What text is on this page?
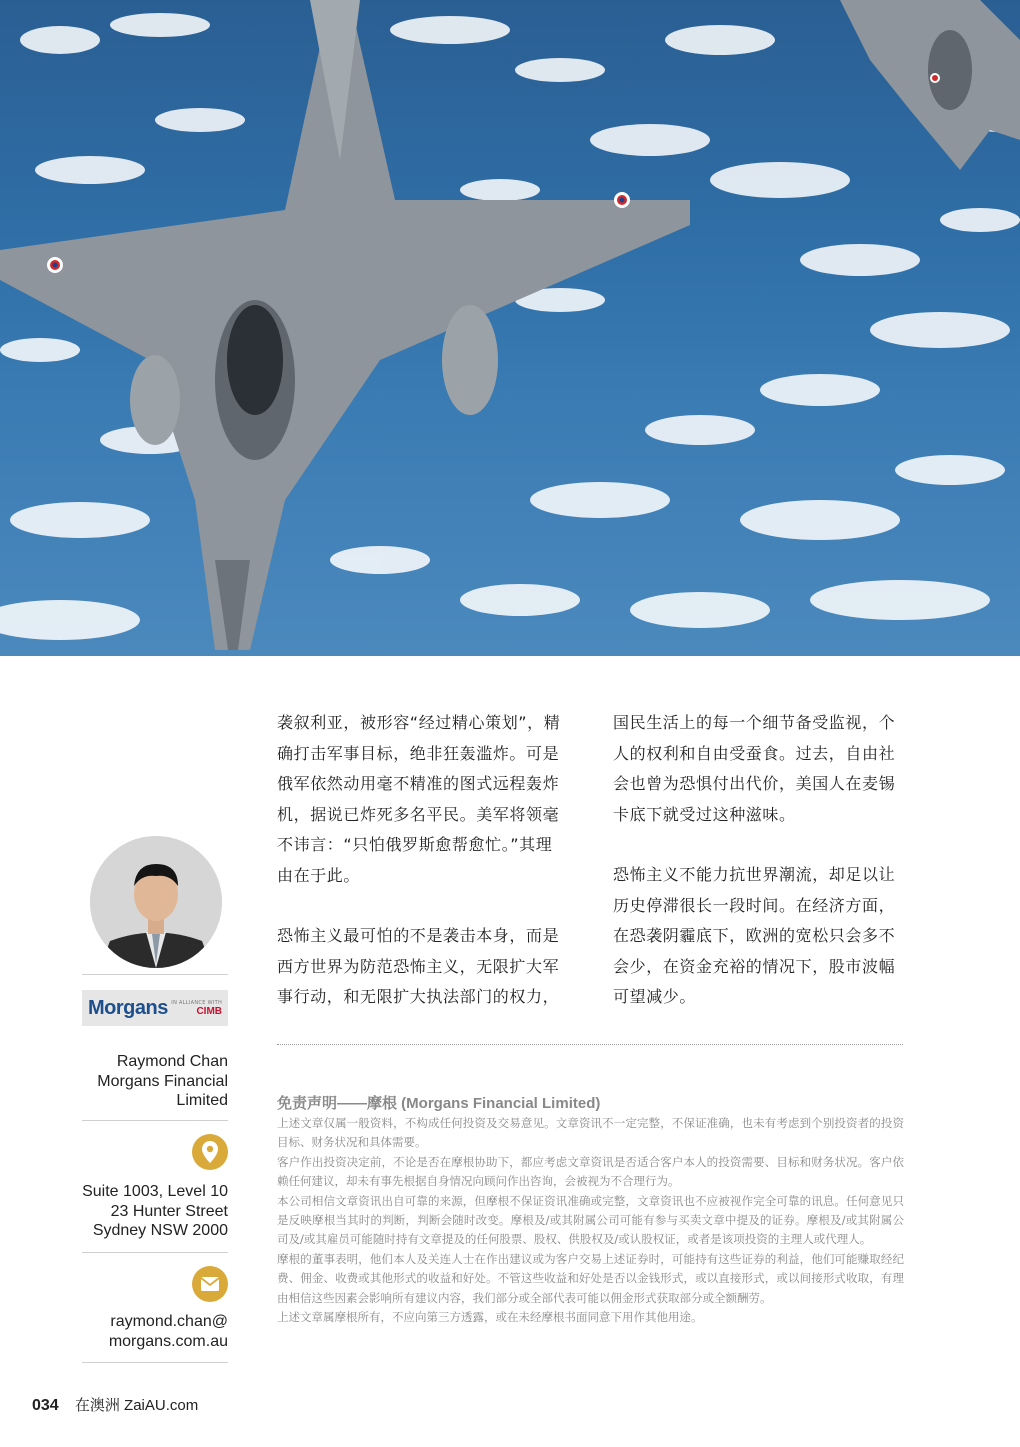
Morgans IN ALLIANCE WITH
CIMB
Raymond Chan
Morgans Financial
Limited
Suite 1003, Level 10
23 Hunter Street
Sydney NSW 2000
raymond.chan@
morgans.com.au

袭叙利亚，被形容“经过精心策划”，精确打击军事目标，绝非狂轰滥炸。可是俄军依然动用毫不精准的图式远程轰炸机，据说已炸死多名平民。美军将领毫不讳言：“只怕俄罗斯愈帮愈忙。”其理由在于此。

恐怖主义最可怕的不是袭击本身，而是西方世界为防范恐怖主义，无限扩大军事行动，和无限扩大执法部门的权力，

国民生活上的每一个细节备受监视，个人的权利和自由受蚕食。过去，自由社会也曾为恐惧付出代价，美国人在麦锡卡底下就受过这种滋味。

恐怖主义不能力抗世界潮流，却足以让历史停滞很长一段时间。在经济方面，在恐袭阴霾底下，欧洲的宽松只会多不会少，在资金充裕的情况下，股市波幅可望减少。

免责声明——摩根 (Morgans Financial Limited)

上述文章仅属一般资料，不构成任何投资及交易意见。文章资讯不一定完整，不保证准确，也未有考虑到个别投资者的投资目标、财务状况和具体需要。

客户作出投资决定前，不论是否在摩根协助下，都应考虑文章资讯是否适合客户本人的投资需要、目标和财务状况。客户依赖任何建议，却未有事先根据自身情况向顾问作出咨询，会被视为不合理行为。

本公司相信文章资讯出自可靠的来源，但摩根不保证资讯准确或完整，文章资讯也不应被视作完全可靠的讯息。任何意见只是反映摩根当其时的判断，判断会随时改变。摩根及/或其附属公司可能有参与买卖文章中提及的证券。摩根及/或其附属公司及/或其雇员可能随时持有文章提及的任何股票、股权、供股权及/或认股权证，或者是该项投资的主理人或代理人。

摩根的董事表明，他们本人及关连人士在作出建议或为客户交易上述证券时，可能持有这些证券的利益，他们可能赚取经纪费、佣金、收费或其他形式的收益和好处。不管这些收益和好处是否以金钱形式，或以直接形式，或以间接形式收取，有理由相信这些因素会影响所有建议内容，我们部分或全部代表可能以佣金形式获取部分或全额酬劳。

上述文章属摩根所有，不应向第三方透露，或在未经摩根书面同意下用作其他用途。

034 在澳洲 ZaiAU.com
